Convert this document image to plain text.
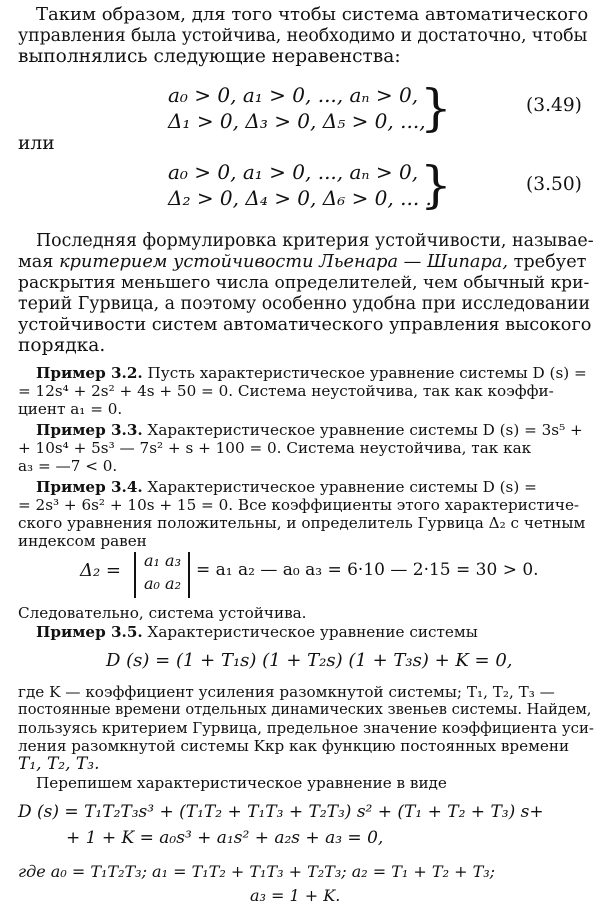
Таким образом, для того чтобы система автоматического

управления была устойчива, необходимо и достаточно, чтобы

выполнялись следующие неравенства:

a₀ > 0, a₁ > 0, ..., aₙ > 0,
Δ₁ > 0, Δ₃ > 0, Δ₅ > 0, ...,
}	(3.49)

или

a₀ > 0, a₁ > 0, ..., aₙ > 0,
Δ₂ > 0, Δ₄ > 0, Δ₆ > 0, ... .
}	(3.50)

Последняя формулировка критерия устойчивости, называе-

мая критерием устойчивости Льенара — Шипара, требует

раскрытия меньшего числа определителей, чем обычный кри-

терий Гурвица, а поэтому особенно удобна при исследовании

устойчивости систем автоматического управления высокого

порядка.

Пример 3.2. Пусть характеристическое уравнение системы D (s) =

= 12s⁴ + 2s² + 4s + 50 = 0. Система неустойчива, так как коэффи-

циент a₁ = 0.

Пример 3.3. Характеристическое уравнение системы D (s) = 3s⁵ +

+ 10s⁴ + 5s³ — 7s² + s + 100 = 0. Система неустойчива, так как

a₃ = —7 < 0.

Пример 3.4. Характеристическое уравнение системы D (s) =

= 2s³ + 6s² + 10s + 15 = 0. Все коэффициенты этого характеристиче-

ского уравнения положительны, и определитель Гурвица Δ₂ с четным

индексом равен

Δ₂ = a₁ a₃
a₀ a₂
= a₁ a₂ — a₀ a₃ = 6·10 — 2·15 = 30 > 0.

Следовательно, система устойчива.

Пример 3.5. Характеристическое уравнение системы

D (s) = (1 + T₁s) (1 + T₂s) (1 + T₃s) + K = 0,

где K — коэффициент усиления разомкнутой системы; T₁, T₂, T₃ —

постоянные времени отдельных динамических звеньев системы. Найдем,

пользуясь критерием Гурвица, предельное значение коэффициента уси-

ления разомкнутой системы Kкр как функцию постоянных времени

T₁, T₂, T₃.

Перепишем характеристическое уравнение в виде

D (s) = T₁T₂T₃s³ + (T₁T₂ + T₁T₃ + T₂T₃) s² + (T₁ + T₂ + T₃) s+
+ 1 + K = a₀s³ + a₁s² + a₂s + a₃ = 0,
где a₀ = T₁T₂T₃; a₁ = T₁T₂ + T₁T₃ + T₂T₃; a₂ = T₁ + T₂ + T₃;
a₃ = 1 + K.
